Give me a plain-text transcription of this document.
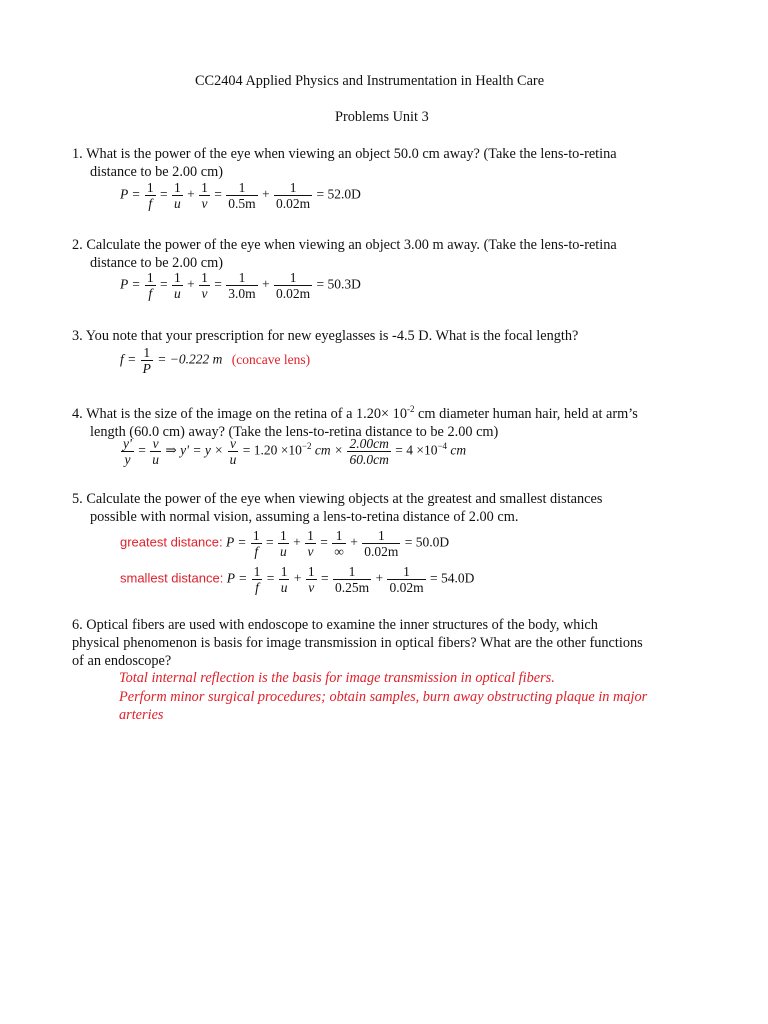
CC2404 Applied Physics and Instrumentation in Health Care
Problems Unit 3
1. What is the power of the eye when viewing an object 50.0 cm away? (Take the lens-to-retina
distance to be 2.00 cm)
$P = \frac{1}{f} = \frac{1}{u} + \frac{1}{v} = \frac{1}{0.5m} + \frac{1}{0.02m} = 52.0D$
2. Calculate the power of the eye when viewing an object 3.00 m away. (Take the lens-to-retina
distance to be 2.00 cm)
$P = \frac{1}{f} = \frac{1}{u} + \frac{1}{v} = \frac{1}{3.0m} + \frac{1}{0.02m} = 50.3D$
3. You note that your prescription for new eyeglasses is -4.5 D. What is the focal length?
$f = \frac{1}{P} = -0.222$ m (concave lens)
4. What is the size of the image on the retina of a $1.20\times 10^{-2}$ cm diameter human hair, held at arm’s
length (60.0 cm) away? (Take the lens-to-retina distance to be 2.00 cm)
$\frac{y'}{y} = \frac{v}{u}$ ⇒ $y' = y \times \frac{v}{u} = 1.20 \times 10^{-2}$ cm × $\frac{2.00cm}{60.0cm} = 4 \times 10^{-4}$ cm
5. Calculate the power of the eye when viewing objects at the greatest and smallest distances
possible with normal vision, assuming a lens-to-retina distance of 2.00 cm.
greatest distance: $P = \frac{1}{f} = \frac{1}{u} + \frac{1}{v} = \frac{1}{\infty} + \frac{1}{0.02m} = 50.0D$
smallest distance: $P = \frac{1}{f} = \frac{1}{u} + \frac{1}{v} = \frac{1}{0.25m} + \frac{1}{0.02m} = 54.0D$
6. Optical fibers are used with endoscope to examine the inner structures of the body, which
physical phenomenon is basis for image transmission in optical fibers? What are the other functions
of an endoscope?
Total internal reflection is the basis for image transmission in optical fibers.
Perform minor surgical procedures; obtain samples, burn away obstructing plaque in major
arteries
